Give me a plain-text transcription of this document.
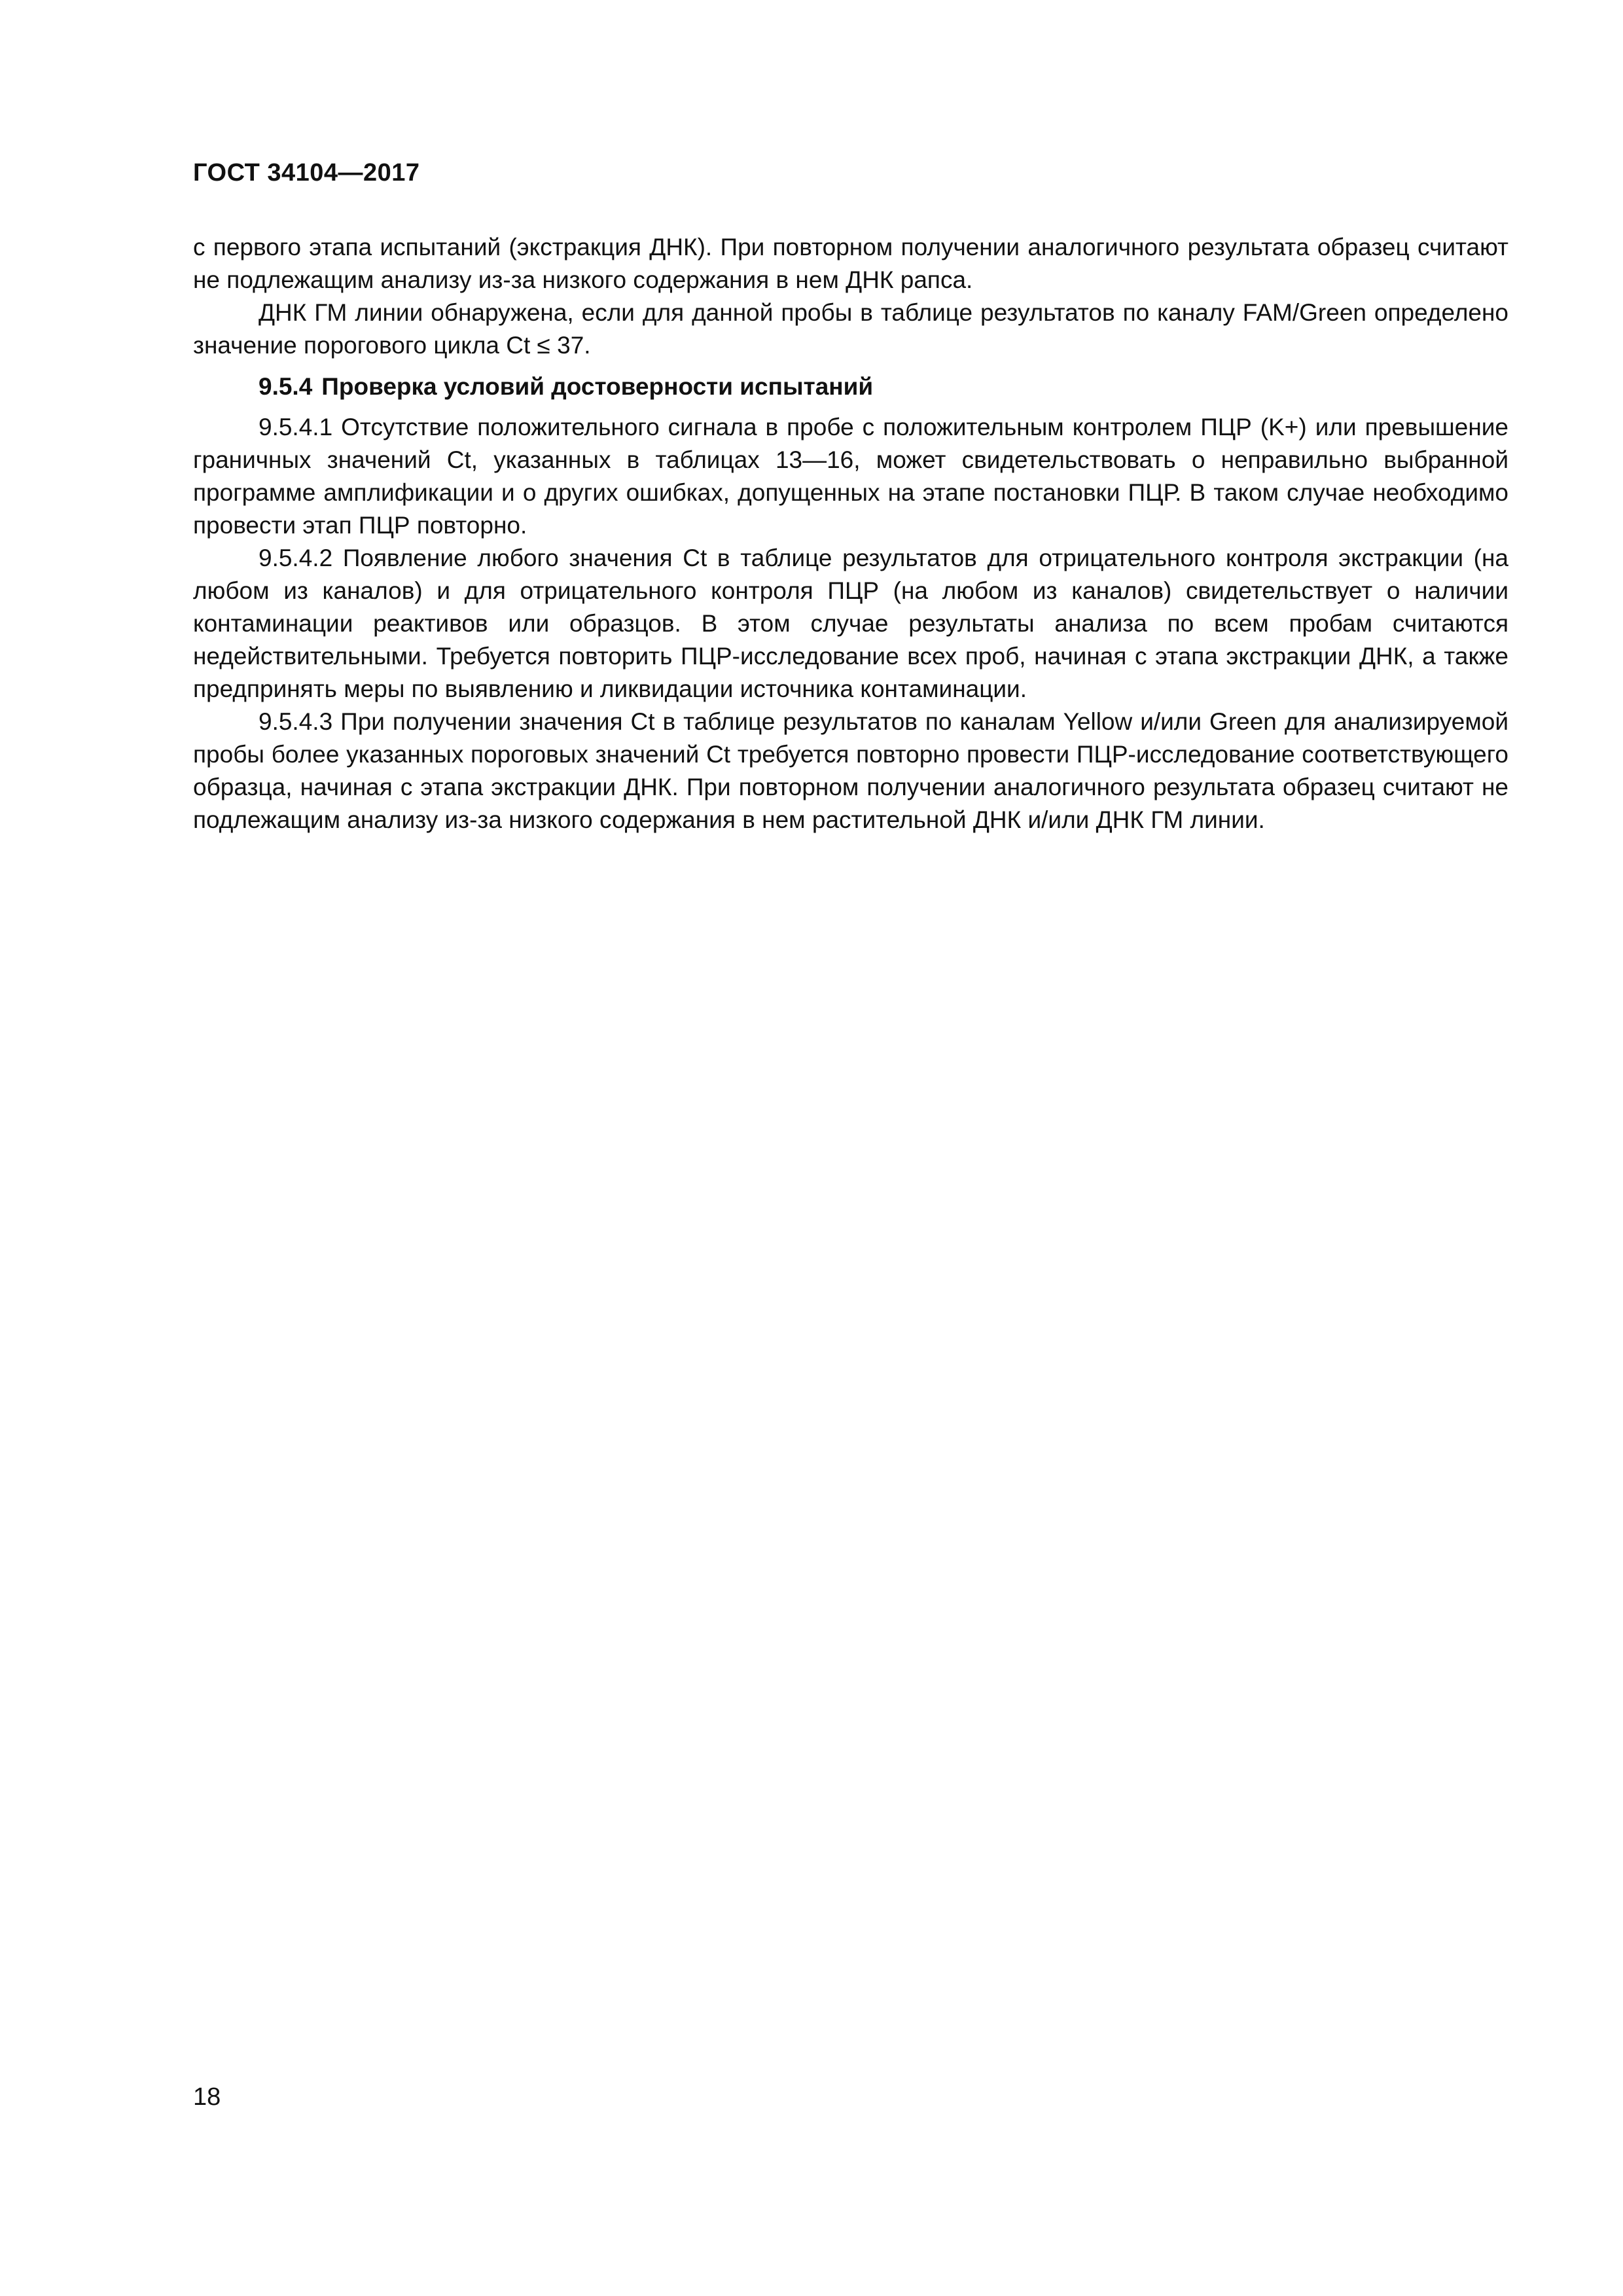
ГОСТ 34104—2017

с первого этапа испытаний (экстракция ДНК). При повторном получении аналогичного результата образец считают не подлежащим анализу из-за низкого содержания в нем ДНК рапса.

ДНК ГМ линии обнаружена, если для данной пробы в таблице результатов по каналу FAM/Green определено значение порогового цикла Ct ≤ 37.

9.5.4 Проверка условий достоверности испытаний

9.5.4.1 Отсутствие положительного сигнала в пробе с положительным контролем ПЦР (K+) или превышение граничных значений Ct, указанных в таблицах 13—16, может свидетельствовать о неправильно выбранной программе амплификации и о других ошибках, допущенных на этапе постановки ПЦР. В таком случае необходимо провести этап ПЦР повторно.

9.5.4.2 Появление любого значения Ct в таблице результатов для отрицательного контроля экстракции (на любом из каналов) и для отрицательного контроля ПЦР (на любом из каналов) свидетельствует о наличии контаминации реактивов или образцов. В этом случае результаты анализа по всем пробам считаются недействительными. Требуется повторить ПЦР-исследование всех проб, начиная с этапа экстракции ДНК, а также предпринять меры по выявлению и ликвидации источника контаминации.

9.5.4.3 При получении значения Ct в таблице результатов по каналам Yellow и/или Green для анализируемой пробы более указанных пороговых значений Ct требуется повторно провести ПЦР-исследование соответствующего образца, начиная с этапа экстракции ДНК. При повторном получении аналогичного результата образец считают не подлежащим анализу из-за низкого содержания в нем растительной ДНК и/или ДНК ГМ линии.

18
